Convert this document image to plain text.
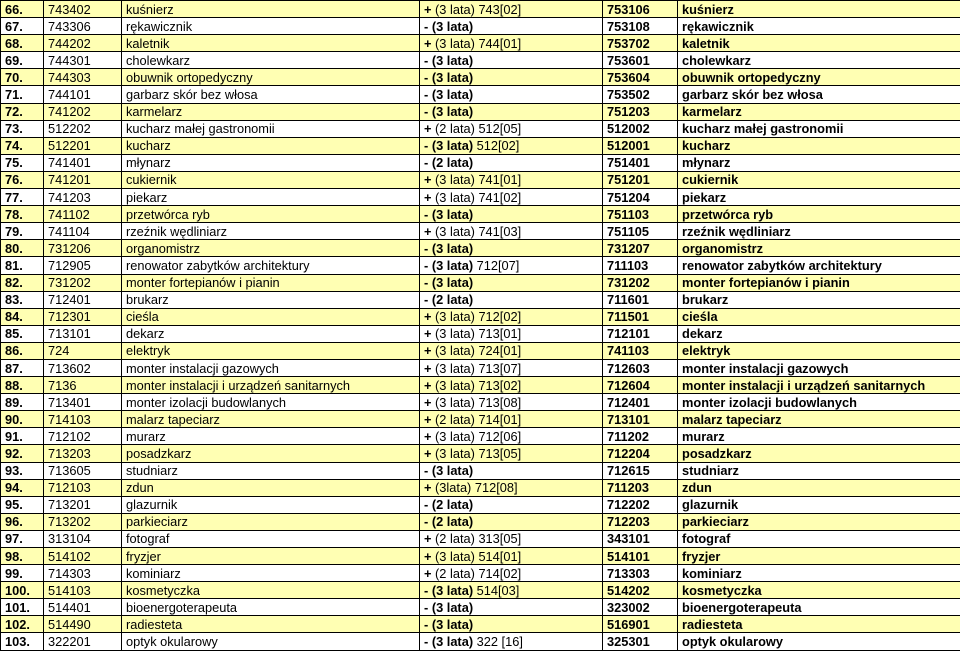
66.	743402	kuśnierz	+ (3 lata) 743[02]	753106	kuśnierz
67.	743306	rękawicznik	- (3 lata)	753108	rękawicznik
68.	744202	kaletnik	+ (3 lata) 744[01]	753702	kaletnik
69.	744301	cholewkarz	- (3 lata)	753601	cholewkarz
70.	744303	obuwnik ortopedyczny	- (3 lata)	753604	obuwnik ortopedyczny
71.	744101	garbarz skór bez włosa	- (3 lata)	753502	garbarz skór bez włosa
72.	741202	karmelarz	- (3 lata)	751203	karmelarz
73.	512202	kucharz małej gastronomii	+ (2 lata) 512[05]	512002	kucharz małej gastronomii
74.	512201	kucharz	- (3 lata) 512[02]	512001	kucharz
75.	741401	młynarz	- (2 lata)	751401	młynarz
76.	741201	cukiernik	+ (3 lata) 741[01]	751201	cukiernik
77.	741203	piekarz	+ (3 lata) 741[02]	751204	piekarz
78.	741102	przetwórca ryb	- (3 lata)	751103	przetwórca ryb
79.	741104	rzeźnik wędliniarz	+ (3 lata) 741[03]	751105	rzeźnik wędliniarz
80.	731206	organomistrz	- (3 lata)	731207	organomistrz
81.	712905	renowator zabytków architektury	- (3 lata) 712[07]	711103	renowator zabytków architektury
82.	731202	monter fortepianów i pianin	- (3 lata)	731202	monter fortepianów i pianin
83.	712401	brukarz	- (2 lata)	711601	brukarz
84.	712301	cieśla	+ (3 lata) 712[02]	711501	cieśla
85.	713101	dekarz	+ (3 lata) 713[01]	712101	dekarz
86.	724	elektryk	+ (3 lata) 724[01]	741103	elektryk
87.	713602	monter instalacji gazowych	+ (3 lata) 713[07]	712603	monter instalacji gazowych
88.	7136	monter instalacji i urządzeń sanitarnych	+ (3 lata) 713[02]	712604	monter instalacji i urządzeń sanitarnych
89.	713401	monter izolacji budowlanych	+ (3 lata) 713[08]	712401	monter izolacji budowlanych
90.	714103	malarz tapeciarz	+ (2 lata) 714[01]	713101	malarz tapeciarz
91.	712102	murarz	+ (3 lata) 712[06]	711202	murarz
92.	713203	posadzkarz	+ (3 lata) 713[05]	712204	posadzkarz
93.	713605	studniarz	- (3 lata)	712615	studniarz
94.	712103	zdun	+ (3lata) 712[08]	711203	zdun
95.	713201	glazurnik	- (2 lata)	712202	glazurnik
96.	713202	parkieciarz	- (2 lata)	712203	parkieciarz
97.	313104	fotograf	+ (2 lata) 313[05]	343101	fotograf
98.	514102	fryzjer	+ (3 lata) 514[01]	514101	fryzjer
99.	714303	kominiarz	+ (2 lata) 714[02]	713303	kominiarz
100.	514103	kosmetyczka	- (3 lata) 514[03]	514202	kosmetyczka
101.	514401	bioenergoterapeuta	- (3 lata)	323002	bioenergoterapeuta
102.	514490	radiesteta	- (3 lata)	516901	radiesteta
103.	322201	optyk okularowy	- (3 lata) 322 [16]	325301	optyk okularowy
